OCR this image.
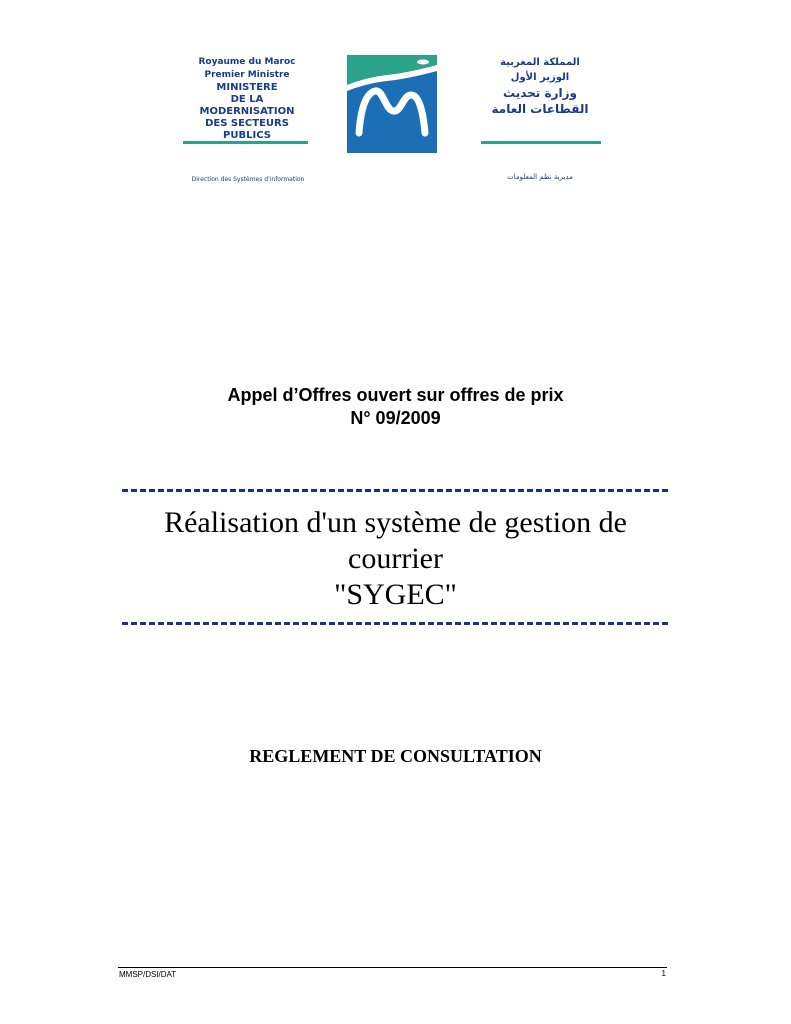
Royaume du Maroc
Premier Ministre
MINISTERE
DE LA MODERNISATION
DES SECTEURS PUBLICS
Direction des Systèmes d'information
المملكة المغربية
الوزير الأول
وزارة تحديث
القطاعات العامة
مديرية نظم المعلومات
Appel d’Offres ouvert sur offres de prix
N° 09/2009
Réalisation d'un système de gestion de
courrier
"SYGEC"
REGLEMENT DE CONSULTATION
MMSP/DSI/DAT	1
